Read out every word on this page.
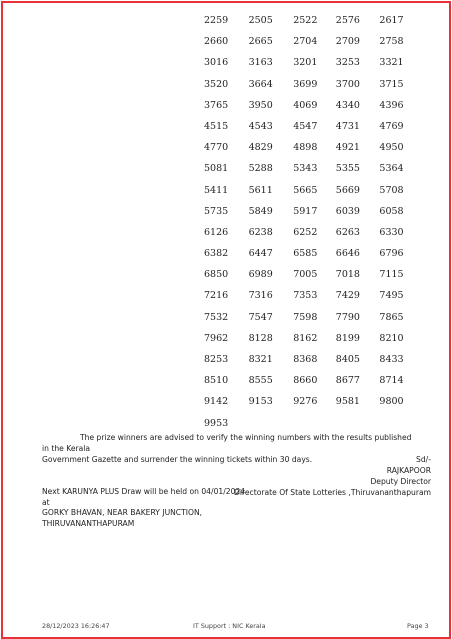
2259	2505	2522	2576	2617
2660	2665	2704	2709	2758
3016	3163	3201	3253	3321
3520	3664	3699	3700	3715
3765	3950	4069	4340	4396
4515	4543	4547	4731	4769
4770	4829	4898	4921	4950
5081	5288	5343	5355	5364
5411	5611	5665	5669	5708
5735	5849	5917	6039	6058
6126	6238	6252	6263	6330
6382	6447	6585	6646	6796
6850	6989	7005	7018	7115
7216	7316	7353	7429	7495
7532	7547	7598	7790	7865
7962	8128	8162	8199	8210
8253	8321	8368	8405	8433
8510	8555	8660	8677	8714
9142	9153	9276	9581	9800
9953
The prize winners are advised to verify the winning numbers with the results published in the Kerala
Government Gazette and surrender the winning tickets within 30 days.	Sd/-
RAJKAPOOR
Deputy Director
Directorate Of State Lotteries ,Thiruvananthapuram
Next KARUNYA PLUS Draw will be held on 04/01/2024 at
GORKY BHAVAN, NEAR BAKERY JUNCTION,
THIRUVANANTHAPURAM
28/12/2023 16:26:47	IT Support : NIC Kerala	Page 3
